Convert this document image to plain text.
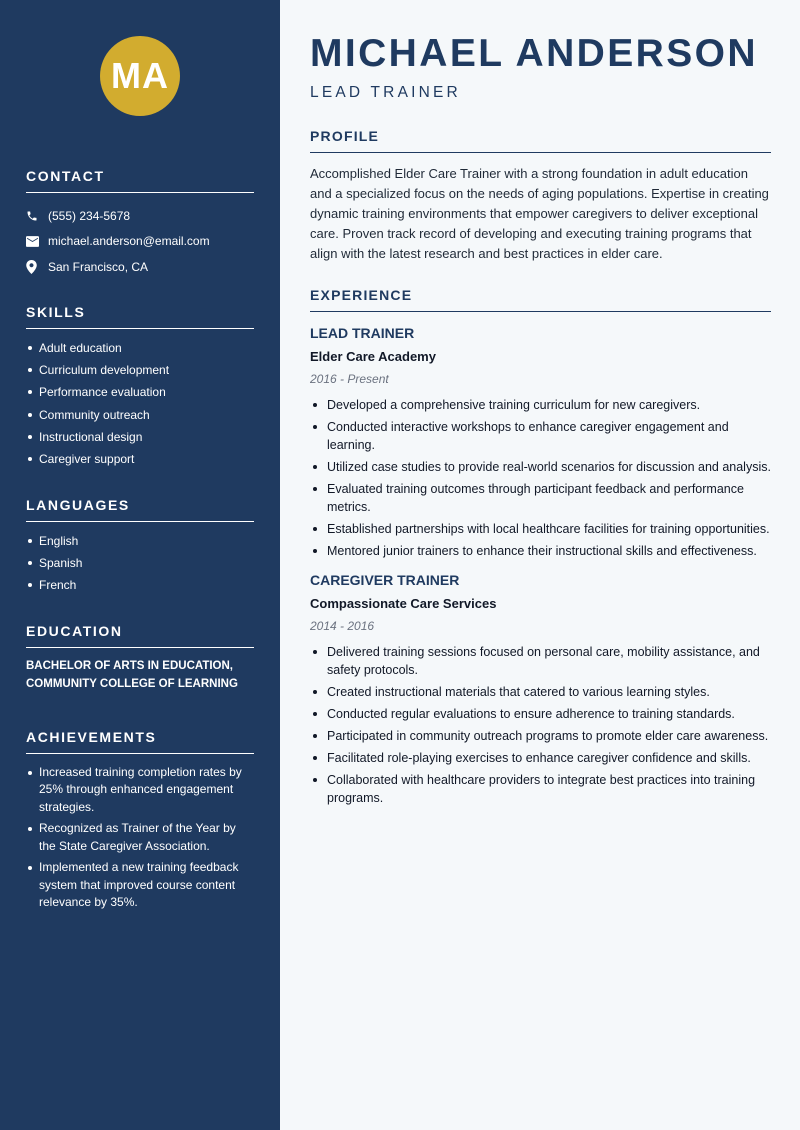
MA
CONTACT
(555) 234-5678
michael.anderson@email.com
San Francisco, CA
SKILLS
Adult education
Curriculum development
Performance evaluation
Community outreach
Instructional design
Caregiver support
LANGUAGES
English
Spanish
French
EDUCATION
BACHELOR OF ARTS IN EDUCATION,
COMMUNITY COLLEGE OF LEARNING
ACHIEVEMENTS
Increased training completion rates by 25% through enhanced engagement strategies.
Recognized as Trainer of the Year by the State Caregiver Association.
Implemented a new training feedback system that improved course content relevance by 35%.
MICHAEL ANDERSON
LEAD TRAINER
PROFILE

Accomplished Elder Care Trainer with a strong foundation in adult education and a specialized focus on the needs of aging populations. Expertise in creating dynamic training environments that empower caregivers to deliver exceptional care. Proven track record of developing and executing training programs that align with the latest research and best practices in elder care.

EXPERIENCE
LEAD TRAINER
Elder Care Academy
2016 - Present
Developed a comprehensive training curriculum for new caregivers.
Conducted interactive workshops to enhance caregiver engagement and learning.
Utilized case studies to provide real-world scenarios for discussion and analysis.
Evaluated training outcomes through participant feedback and performance metrics.
Established partnerships with local healthcare facilities for training opportunities.
Mentored junior trainers to enhance their instructional skills and effectiveness.
CAREGIVER TRAINER
Compassionate Care Services
2014 - 2016
Delivered training sessions focused on personal care, mobility assistance, and safety protocols.
Created instructional materials that catered to various learning styles.
Conducted regular evaluations to ensure adherence to training standards.
Participated in community outreach programs to promote elder care awareness.
Facilitated role-playing exercises to enhance caregiver confidence and skills.
Collaborated with healthcare providers to integrate best practices into training programs.
